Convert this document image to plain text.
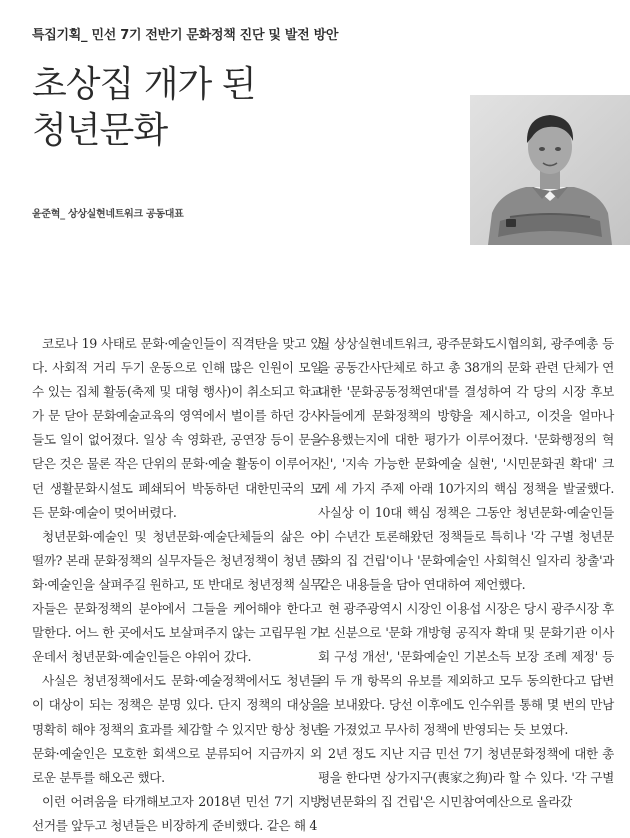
특집기획_ 민선 7기 전반기 문화정책 진단 및 발전 방안
초상집 개가 된
청년문화
윤준혁_ 상상실현네트워크 공동대표

코로나 19 사태로 문화·예술인들이 직격탄을 맞고 있다. 사회적 거리 두기 운동으로 인해 많은 인원이 모일 수 있는 집체 활동(축제 및 대형 행사)이 취소되고 학교가 문 닫아 문화예술교육의 영역에서 벌이를 하던 강사들도 일이 없어졌다. 일상 속 영화관, 공연장 등이 문을 닫은 것은 물론 작은 단위의 문화·예술 활동이 이루어지던 생활문화시설도 폐쇄되어 박동하던 대한민국의 모든 문화·예술이 멎어버렸다.

청년문화·예술인 및 청년문화·예술단체들의 삶은 어떨까? 본래 문화정책의 실무자들은 청년정책이 청년 문화·예술인을 살펴주길 원하고, 또 반대로 청년정책 실무자들은 문화정책의 분야에서 그들을 케어해야 한다고 말한다. 어느 한 곳에서도 보살펴주지 않는 고립무원 가운데서 청년문화·예술인들은 야위어 갔다.

사실은 청년정책에서도 문화·예술정책에서도 청년들이 대상이 되는 정책은 분명 있다. 단지 정책의 대상을 명확히 해야 정책의 효과를 체감할 수 있지만 항상 청년문화·예술인은 모호한 회색으로 분류되어 지금까지 외로운 분투를 해오곤 했다.

이런 어려움을 타개해보고자 2018년 민선 7기 지방선거를 앞두고 청년들은 비장하게 준비했다. 같은 해 4

월 상상실현네트워크, 광주문화도시협의회, 광주예총 등을 공동간사단체로 하고 총 38개의 문화 관련 단체가 연대한 '문화공동정책연대'를 결성하여 각 당의 시장 후보자들에게 문화정책의 방향을 제시하고, 이것을 얼마나 수용했는지에 대한 평가가 이루어졌다. '문화행정의 혁신', '지속 가능한 문화예술 실현', '시민문화권 확대' 크게 세 가지 주제 아래 10가지의 핵심 정책을 발굴했다. 사실상 이 10대 핵심 정책은 그동안 청년문화·예술인들이 수년간 토론해왔던 정책들로 특히나 '각 구별 청년문화의 집 건립'이나 '문화예술인 사회혁신 일자리 창출'과 같은 내용들을 담아 연대하여 제언했다.

현 광주광역시 시장인 이용섭 시장은 당시 광주시장 후보 신분으로 '문화 개방형 공직자 확대 및 문화기관 이사회 구성 개선', '문화예술인 기본소득 보장 조례 제정' 등의 두 개 항목의 유보를 제외하고 모두 동의한다고 답변을 보내왔다. 당선 이후에도 인수위를 통해 몇 번의 만남을 가졌었고 무사히 정책에 반영되는 듯 보였다.

2년 정도 지난 지금 민선 7기 청년문화정책에 대한 총평을 한다면 상가지구(喪家之狗)라 할 수 있다. '각 구별 청년문화의 집 건립'은 시민참여예산으로 올라갔
